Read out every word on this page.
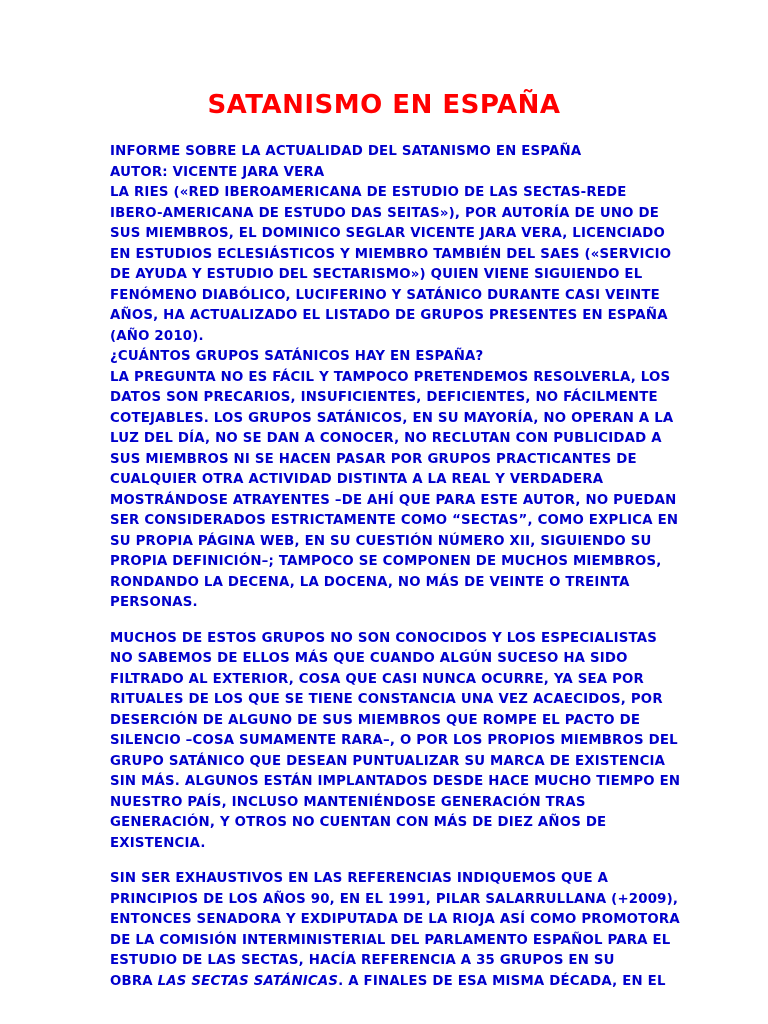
SATANISMO EN ESPAÑA

INFORME SOBRE LA ACTUALIDAD DEL SATANISMO EN ESPAÑA
AUTOR: VICENTE JARA VERA
LA RIES («RED IBEROAMERICANA DE ESTUDIO DE LAS SECTAS-REDE
IBERO-AMERICANA DE ESTUDO DAS SEITAS»), POR AUTORÍA DE UNO DE
SUS MIEMBROS, EL DOMINICO SEGLAR VICENTE JARA VERA, LICENCIADO
EN ESTUDIOS ECLESIÁSTICOS Y MIEMBRO TAMBIÉN DEL SAES («SERVICIO
DE AYUDA Y ESTUDIO DEL SECTARISMO») QUIEN VIENE SIGUIENDO EL
FENÓMENO DIABÓLICO, LUCIFERINO Y SATÁNICO DURANTE CASI VEINTE
AÑOS, HA ACTUALIZADO EL LISTADO DE GRUPOS PRESENTES EN ESPAÑA
(AÑO 2010).
¿CUÁNTOS GRUPOS SATÁNICOS HAY EN ESPAÑA?
LA PREGUNTA NO ES FÁCIL Y TAMPOCO PRETENDEMOS RESOLVERLA, LOS
DATOS SON PRECARIOS, INSUFICIENTES, DEFICIENTES, NO FÁCILMENTE
COTEJABLES. LOS GRUPOS SATÁNICOS, EN SU MAYORÍA, NO OPERAN A LA
LUZ DEL DÍA, NO SE DAN A CONOCER, NO RECLUTAN CON PUBLICIDAD A
SUS MIEMBROS NI SE HACEN PASAR POR GRUPOS PRACTICANTES DE
CUALQUIER OTRA ACTIVIDAD DISTINTA A LA REAL Y VERDADERA
MOSTRÁNDOSE ATRAYENTES –DE AHÍ QUE PARA ESTE AUTOR, NO PUEDAN
SER CONSIDERADOS ESTRICTAMENTE COMO “SECTAS”, COMO EXPLICA EN
SU PROPIA PÁGINA WEB, EN SU CUESTIÓN NÚMERO XII, SIGUIENDO SU
PROPIA DEFINICIÓN–; TAMPOCO SE COMPONEN DE MUCHOS MIEMBROS,
RONDANDO LA DECENA, LA DOCENA, NO MÁS DE VEINTE O TREINTA
PERSONAS.

MUCHOS DE ESTOS GRUPOS NO SON CONOCIDOS Y LOS ESPECIALISTAS
NO SABEMOS DE ELLOS MÁS QUE CUANDO ALGÚN SUCESO HA SIDO
FILTRADO AL EXTERIOR, COSA QUE CASI NUNCA OCURRE, YA SEA POR
RITUALES DE LOS QUE SE TIENE CONSTANCIA UNA VEZ ACAECIDOS, POR
DESERCIÓN DE ALGUNO DE SUS MIEMBROS QUE ROMPE EL PACTO DE
SILENCIO –COSA SUMAMENTE RARA–, O POR LOS PROPIOS MIEMBROS DEL
GRUPO SATÁNICO QUE DESEAN PUNTUALIZAR SU MARCA DE EXISTENCIA
SIN MÁS. ALGUNOS ESTÁN IMPLANTADOS DESDE HACE MUCHO TIEMPO EN
NUESTRO PAÍS, INCLUSO MANTENIÉNDOSE GENERACIÓN TRAS
GENERACIÓN, Y OTROS NO CUENTAN CON MÁS DE DIEZ AÑOS DE
EXISTENCIA.

SIN SER EXHAUSTIVOS EN LAS REFERENCIAS INDIQUEMOS QUE A
PRINCIPIOS DE LOS AÑOS 90, EN EL 1991, PILAR SALARRULLANA (+2009),
ENTONCES SENADORA Y EXDIPUTADA DE LA RIOJA ASÍ COMO PROMOTORA
DE LA COMISIÓN INTERMINISTERIAL DEL PARLAMENTO ESPAÑOL PARA EL
ESTUDIO DE LAS SECTAS, HACÍA REFERENCIA A 35 GRUPOS EN SU
OBRA LAS SECTAS SATÁNICAS. A FINALES DE ESA MISMA DÉCADA, EN EL
